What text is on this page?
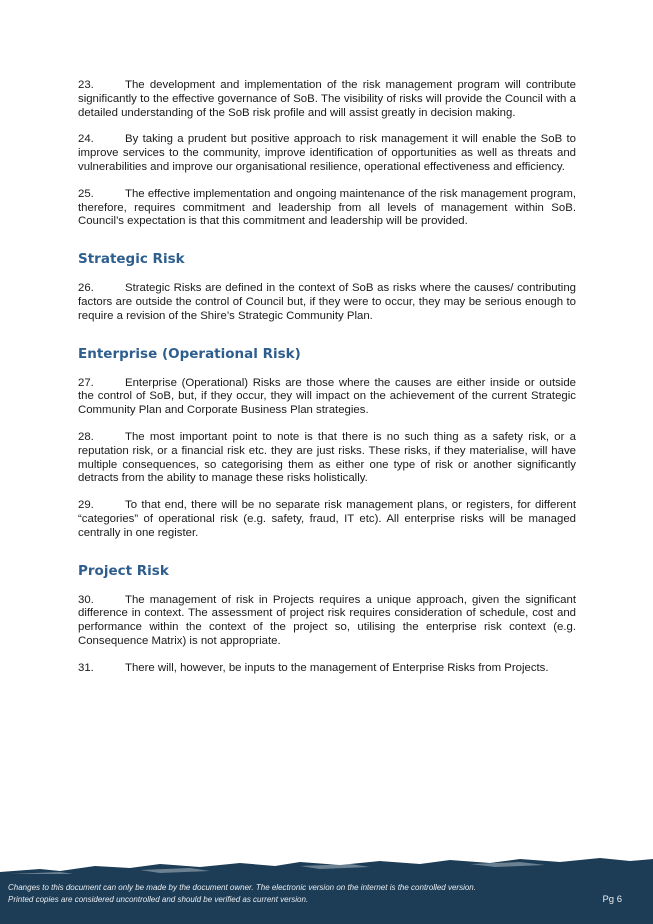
23.	The development and implementation of the risk management program will contribute significantly to the effective governance of SoB. The visibility of risks will provide the Council with a detailed understanding of the SoB risk profile and will assist greatly in decision making.

24.	By taking a prudent but positive approach to risk management it will enable the SoB to improve services to the community, improve identification of opportunities as well as threats and vulnerabilities and improve our organisational resilience, operational effectiveness and efficiency.

25.	The effective implementation and ongoing maintenance of the risk management program, therefore, requires commitment and leadership from all levels of management within SoB. Council’s expectation is that this commitment and leadership will be provided.

Strategic Risk

26.	Strategic Risks are defined in the context of SoB as risks where the causes/ contributing factors are outside the control of Council but, if they were to occur, they may be serious enough to require a revision of the Shire’s Strategic Community Plan.

Enterprise (Operational Risk)

27.	Enterprise (Operational) Risks are those where the causes are either inside or outside the control of SoB, but, if they occur, they will impact on the achievement of the current Strategic Community Plan and Corporate Business Plan strategies.

28.	The most important point to note is that there is no such thing as a safety risk, or a reputation risk, or a financial risk etc. they are just risks. These risks, if they materialise, will have multiple consequences, so categorising them as either one type of risk or another significantly detracts from the ability to manage these risks holistically.

29.	To that end, there will be no separate risk management plans, or registers, for different “categories” of operational risk (e.g. safety, fraud, IT etc). All enterprise risks will be managed centrally in one register.

Project Risk

30.	The management of risk in Projects requires a unique approach, given the significant difference in context. The assessment of project risk requires consideration of schedule, cost and performance within the context of the project so, utilising the enterprise risk context (e.g. Consequence Matrix) is not appropriate.

31.	There will, however, be inputs to the management of Enterprise Risks from Projects.

Changes to this document can only be made by the document owner. The electronic version on the internet is the controlled version.
Printed copies are considered uncontrolled and should be verified as current version.	Pg 6
